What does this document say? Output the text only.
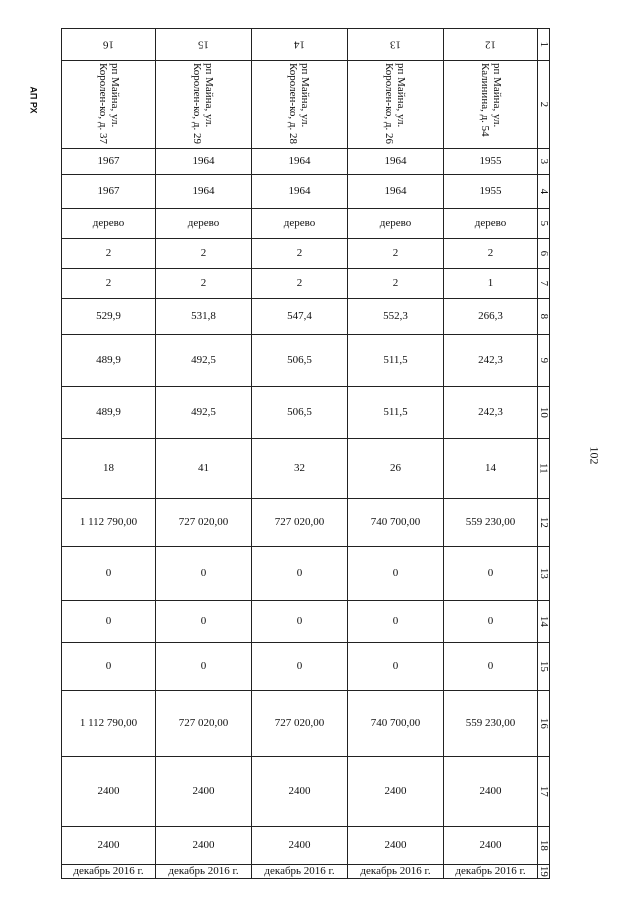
АП РХ
102
16	15	14	13	12	1

рп Майна, ул. Королен-ко, д. 37	рп Майна, ул. Королен-ко, д. 29	рп Майна, ул. Королен-ко, д. 28	рп Майна, ул. Королен-ко, д. 26	рп Майна, ул. Калинина, д. 54	2
1967	1964	1964	1964	1955	3
1967	1964	1964	1964	1955	4
дерево	дерево	дерево	дерево	дерево	5
2	2	2	2	2	6
2	2	2	2	1	7
529,9	531,8	547,4	552,3	266,3	8
489,9	492,5	506,5	511,5	242,3	9
489,9	492,5	506,5	511,5	242,3	10
18	41	32	26	14	11
1 112 790,00	727 020,00	727 020,00	740 700,00	559 230,00	12
0	0	0	0	0	13
0	0	0	0	0	14
0	0	0	0	0	15
1 112 790,00	727 020,00	727 020,00	740 700,00	559 230,00	16
2400	2400	2400	2400	2400	17
2400	2400	2400	2400	2400	18
декабрь 2016 г.	декабрь 2016 г.	декабрь 2016 г.	декабрь 2016 г.	декабрь 2016 г.	19
